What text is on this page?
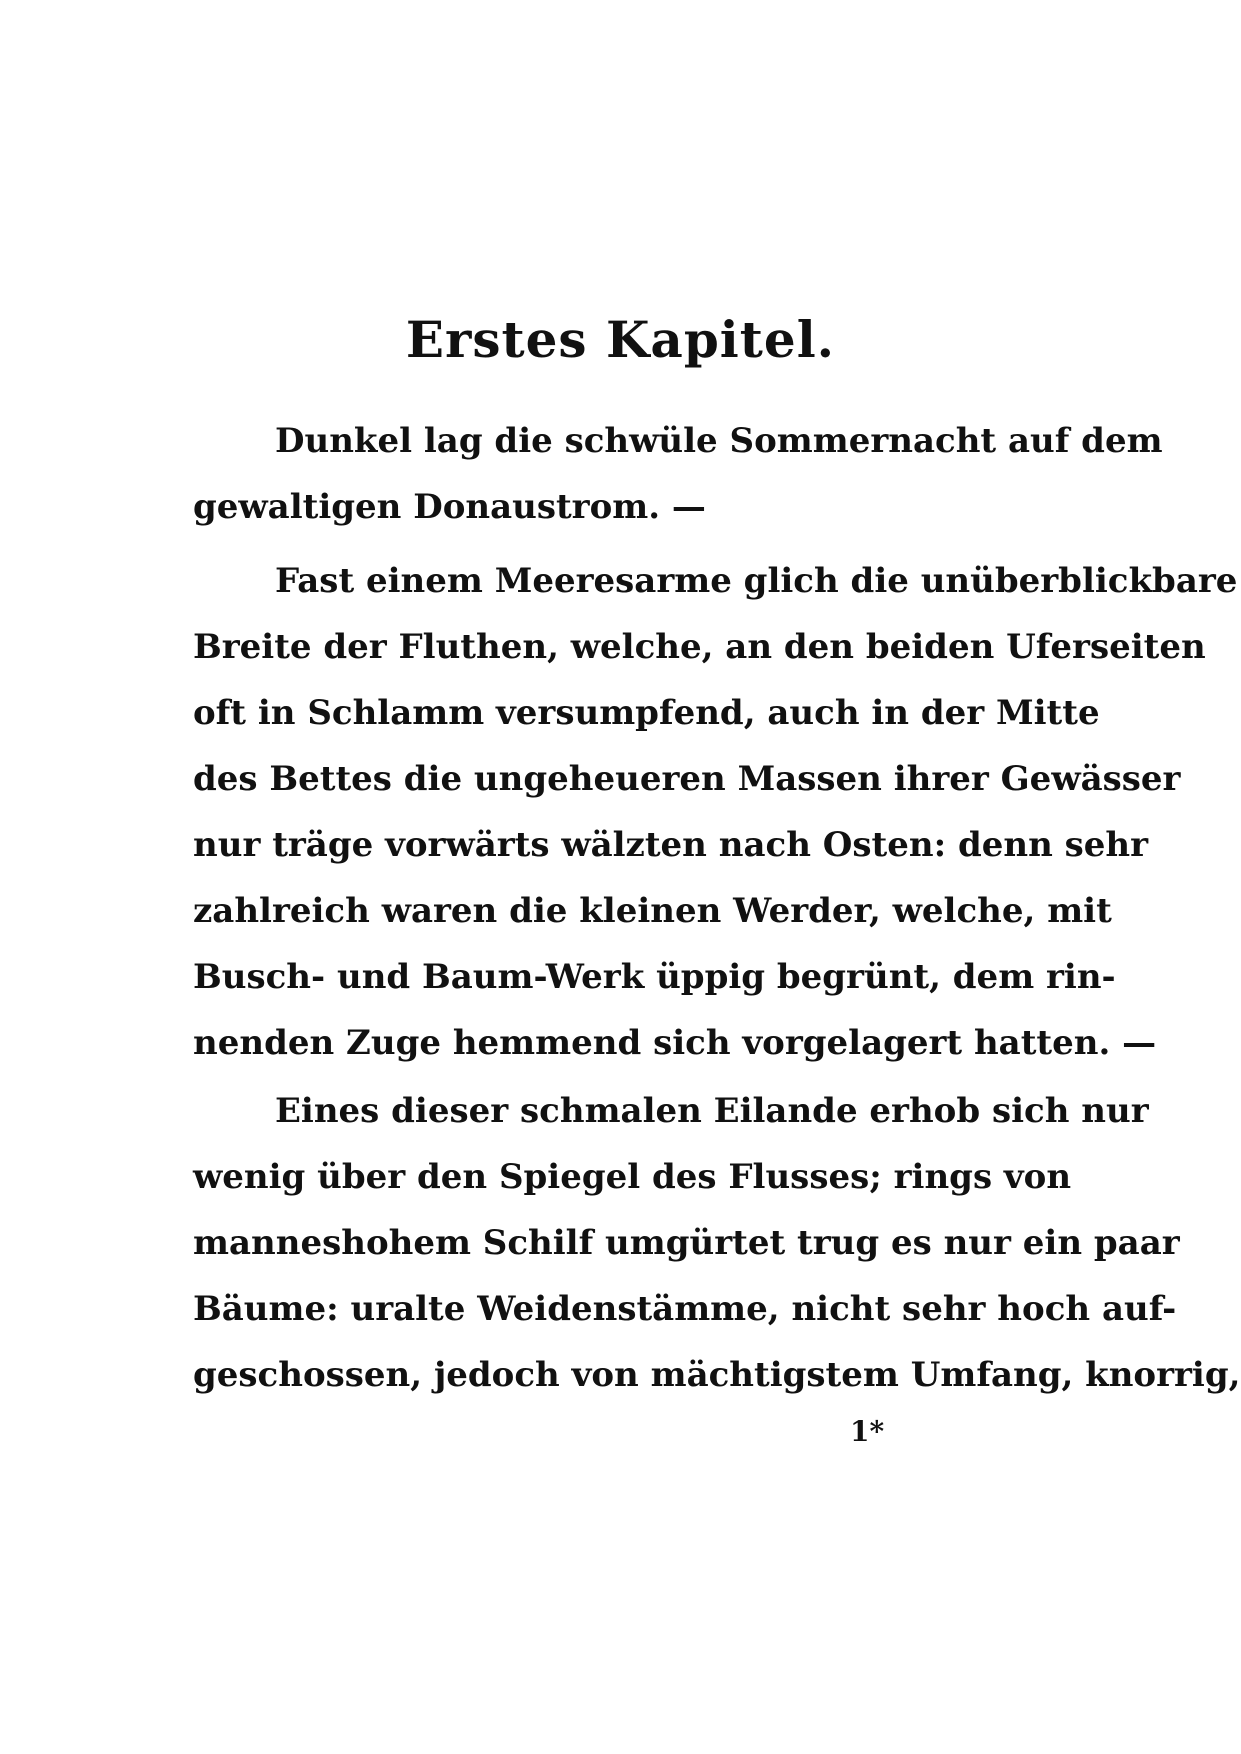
Erstes Kapitel.
Dunkel lag die schwüle Sommernacht auf dem
gewaltigen Donaustrom. —
Fast einem Meeresarme glich die unüberblickbare
Breite der Fluthen, welche, an den beiden Uferseiten
oft in Schlamm versumpfend, auch in der Mitte
des Bettes die ungeheueren Massen ihrer Gewässer
nur träge vorwärts wälzten nach Osten: denn sehr
zahlreich waren die kleinen Werder, welche, mit
Busch- und Baum-Werk üppig begrünt, dem rin-
nenden Zuge hemmend sich vorgelagert hatten. —
Eines dieser schmalen Eilande erhob sich nur
wenig über den Spiegel des Flusses; rings von
manneshohem Schilf umgürtet trug es nur ein paar
Bäume: uralte Weidenstämme, nicht sehr hoch auf-
geschossen, jedoch von mächtigstem Umfang, knorrig,
1*
